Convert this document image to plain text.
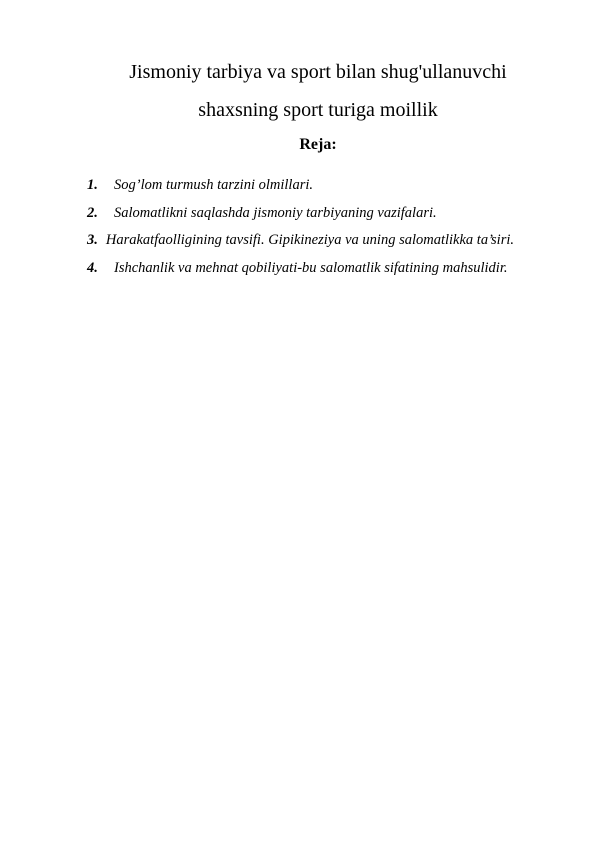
Jismoniy tarbiya va sport bilan shug'ullanuvchi
shaxsning sport turiga moillik
Reja:
1. Sog’lom turmush tarzini olmillari.
2. Salomatlikni saqlashda jismoniy tarbiyaning vazifalari.
3. Harakatfaolligining tavsifi. Gipikineziya va uning salomatlikka ta’siri.
4. Ishchanlik va mehnat qobiliyati-bu salomatlik sifatining mahsulidir.
